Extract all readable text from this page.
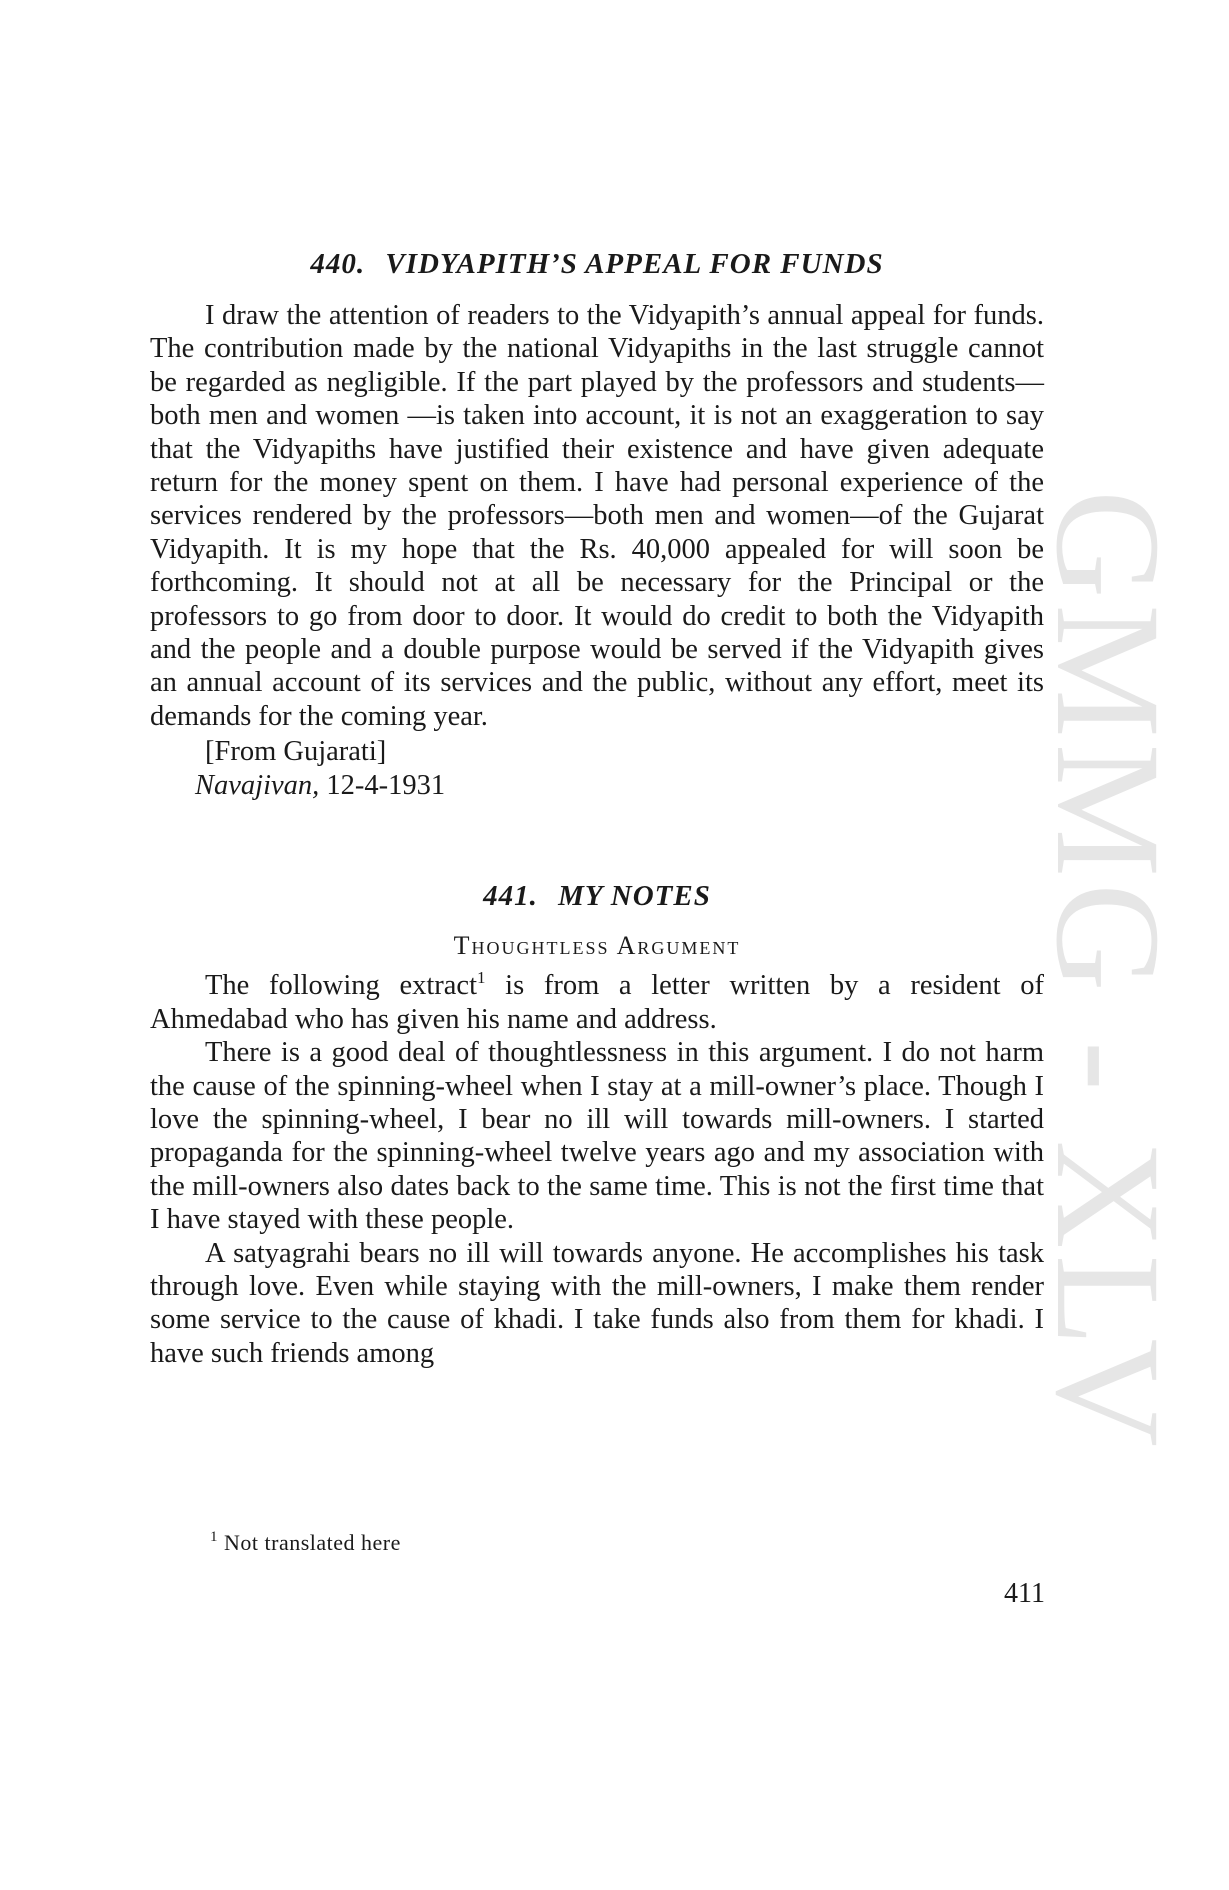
GMMG - XLV
440. VIDYAPITH’S APPEAL FOR FUNDS

I draw the attention of readers to the Vidyapith’s annual appeal for funds. The contribution made by the national Vidyapiths in the last struggle cannot be regarded as negligible. If the part played by the professors and students—both men and women —is taken into account, it is not an exaggeration to say that the Vidyapiths have justified their existence and have given adequate return for the money spent on them. I have had personal experience of the services rendered by the professors—both men and women—of the Gujarat Vidyapith. It is my hope that the Rs. 40,000 appealed for will soon be forthcoming. It should not at all be necessary for the Principal or the professors to go from door to door. It would do credit to both the Vidyapith and the people and a double purpose would be served if the Vidyapith gives an annual account of its services and the public, without any effort, meet its demands for the coming year.

[From Gujarati]
Navajivan, 12-4-1931
441. MY NOTES
Thoughtless Argument

The following extract$^1$ is from a letter written by a resident of Ahmedabad who has given his name and address.

There is a good deal of thoughtlessness in this argument. I do not harm the cause of the spinning-wheel when I stay at a mill-owner’s place. Though I love the spinning-wheel, I bear no ill will towards mill-owners. I started propaganda for the spinning-wheel twelve years ago and my association with the mill-owners also dates back to the same time. This is not the first time that I have stayed with these people.

A satyagrahi bears no ill will towards anyone. He accomplishes his task through love. Even while staying with the mill-owners, I make them render some service to the cause of khadi. I take funds also from them for khadi. I have such friends among

$^1$ Not translated here
411
